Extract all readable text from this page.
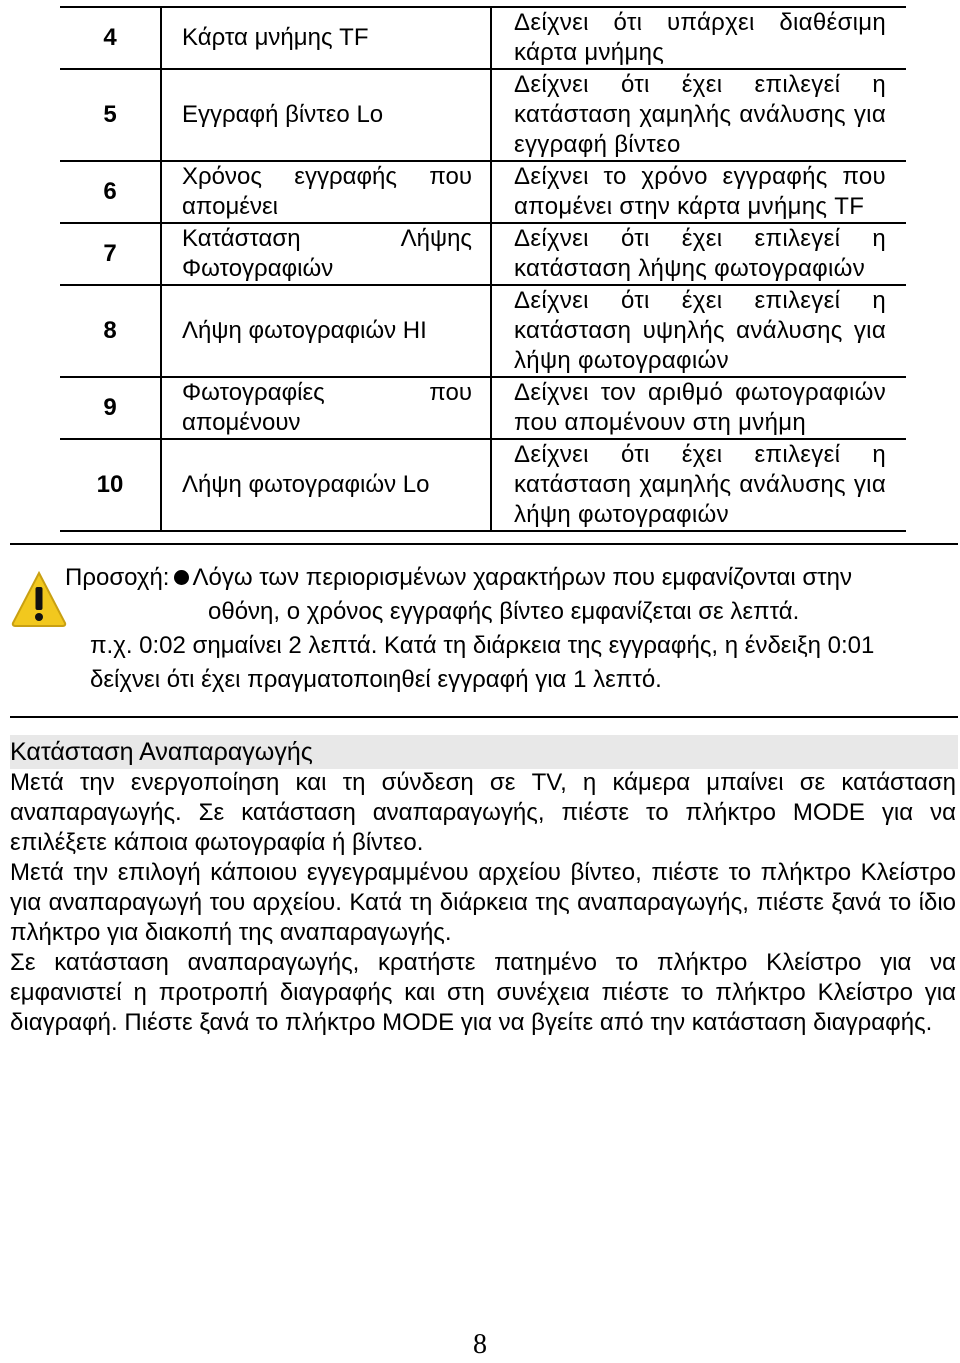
4	Κάρτα μνήμης TF	Δείχνει ότι υπάρχει διαθέσιμη κάρτα μνήμης
5	Εγγραφή βίντεο Lo	Δείχνει ότι έχει επιλεγεί η κατάσταση χαμηλής ανάλυσης για εγγραφή βίντεο
6	Χρόνος εγγραφής που απομένει	Δείχνει το χρόνο εγγραφής που απομένει στην κάρτα μνήμης TF
7	Κατάσταση Λήψης Φωτογραφιών	Δείχνει ότι έχει επιλεγεί η κατάσταση λήψης φωτογραφιών
8	Λήψη φωτογραφιών HI	Δείχνει ότι έχει επιλεγεί η κατάσταση υψηλής ανάλυσης για λήψη φωτογραφιών
9	Φωτογραφίες που απομένουν	Δείχνει τον αριθμό φωτογραφιών που απομένουν στη μνήμη
10	Λήψη φωτογραφιών Lo	Δείχνει ότι έχει επιλεγεί η κατάσταση χαμηλής ανάλυσης για λήψη φωτογραφιών
Προσοχή: Λόγω των περιορισμένων χαρακτήρων που εμφανίζονται στην
οθόνη, ο χρόνος εγγραφής βίντεο εμφανίζεται σε λεπτά.
π.χ. 0:02 σημαίνει 2 λεπτά. Κατά τη διάρκεια της εγγραφής, η ένδειξη 0:01
δείχνει ότι έχει πραγματοποιηθεί εγγραφή για 1 λεπτό.
Κατάσταση Αναπαραγωγής

Μετά την ενεργοποίηση και τη σύνδεση σε TV, η κάμερα μπαίνει σε κατάσταση αναπαραγωγής. Σε κατάσταση αναπαραγωγής, πιέστε το πλήκτρο MODE για να επιλέξετε κάποια φωτογραφία ή βίντεο.

Μετά την επιλογή κάποιου εγγεγραμμένου αρχείου βίντεο, πιέστε το πλήκτρο Κλείστρο για αναπαραγωγή του αρχείου. Κατά τη διάρκεια της αναπαραγωγής, πιέστε ξανά το ίδιο πλήκτρο για διακοπή της αναπαραγωγής.

Σε κατάσταση αναπαραγωγής, κρατήστε πατημένο το πλήκτρο Κλείστρο για να εμφανιστεί η προτροπή διαγραφής και στη συνέχεια πιέστε το πλήκτρο Κλείστρο για διαγραφή. Πιέστε ξανά το πλήκτρο MODE για να βγείτε από την κατάσταση διαγραφής.

8
